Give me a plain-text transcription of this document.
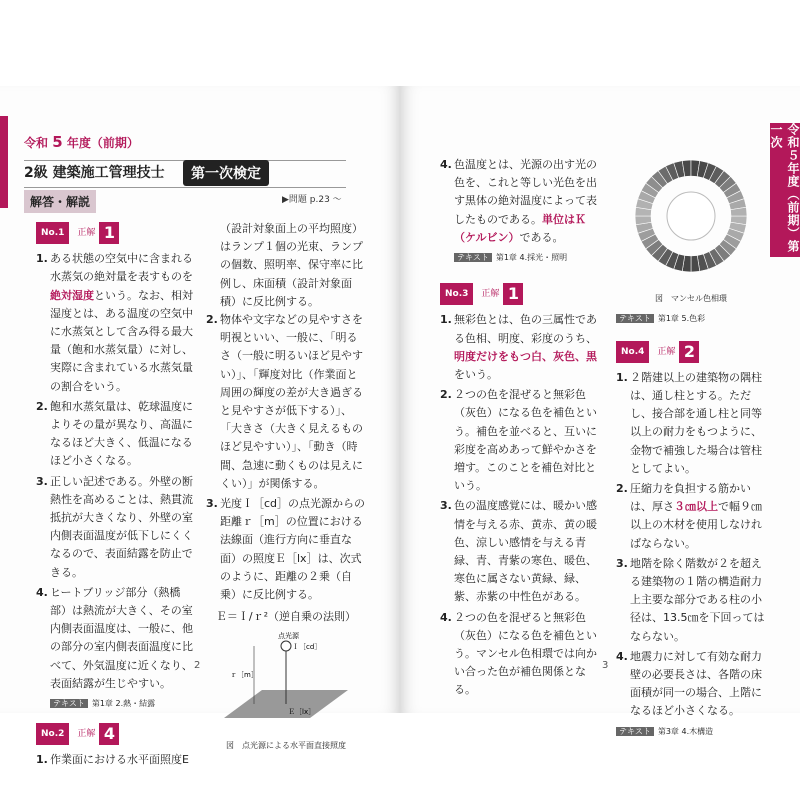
令和 5 年度（前期）
2級 建築施工管理技士	第一次検定
解答・解説	▶問題 p.23 ～
No.1	正解 1
1. ある状態の空気中に含まれる水蒸気の絶対量を表すものを絶対湿度という。なお、相対湿度とは、ある温度の空気中に水蒸気として含み得る最大量（飽和水蒸気量）に対し、実際に含まれている水蒸気量の割合をいう。
2. 飽和水蒸気量は、乾球温度によりその量が異なり、高温になるほど大きく、低温になるほど小さくなる。
3. 正しい記述である。外壁の断熱性を高めることは、熱貫流抵抗が大きくなり、外壁の室内側表面温度が低下しにくくなるので、表面結露を防止できる。
4. ヒートブリッジ部分（熱橋部）は熱流が大きく、その室内側表面温度は、一般に、他の部分の室内側表面温度に比べて、外気温度に近くなり、表面結露が生じやすい。
テキスト 第1章 2.熱・結露
No.2	正解 4
1. 作業面における水平面照度E

（設計対象面上の平均照度）はランプ１個の光束、ランプの個数、照明率、保守率に比例し、床面積（設計対象面積）に反比例する。

2. 物体や文字などの見やすさを明視といい、一般に、「明るさ（一般に明るいほど見やすい）」、「輝度対比（作業面と周囲の輝度の差が大き過ぎると見やすさが低下する）」、「大きさ（大きく見えるものほど見やすい）」、「動き（時間、急速に動くものは見えにくい）」が関係する。
3. 光度Ｉ［cd］の点光源からの距離ｒ［m］の位置における法線面（進行方向に垂直な面）の照度Ｅ［lx］は、次式のように、距離の２乗（自乗）に反比例する。
Ｅ＝Ｉ/ｒ²（逆自乗の法則）
点光源
Ｉ［cd］
ｒ［m］
Ｅ［lx］
図　点光源による水平面直接照度
2
令和５年度（前期）第一次
4. 色温度とは、光源の出す光の色を、これと等しい光色を出す黒体の絶対温度によって表したものである。単位はＫ（ケルビン）である。
テキスト 第1章 4.採光・照明
No.3	正解 1
1. 無彩色とは、色の三属性である色相、明度、彩度のうち、明度だけをもつ白、灰色、黒をいう。
2. ２つの色を混ぜると無彩色（灰色）になる色を補色という。補色を並べると、互いに彩度を高めあって鮮やかさを増す。このことを補色対比という。
3. 色の温度感覚には、暖かい感情を与える赤、黄赤、黄の暖色、涼しい感情を与える青緑、青、青紫の寒色、暖色、寒色に属さない黄緑、緑、紫、赤紫の中性色がある。
4. ２つの色を混ぜると無彩色（灰色）になる色を補色という。マンセル色相環では向かい合った色が補色関係となる。
図　マンセル色相環
テキスト 第1章 5.色彩
No.4	正解 2
1. ２階建以上の建築物の隅柱は、通し柱とする。ただし、接合部を通し柱と同等以上の耐力をもつように、金物で補強した場合は管柱としてよい。
2. 圧縮力を負担する筋かいは、厚さ３㎝以上で幅９㎝以上の木材を使用しなければならない。
3. 地階を除く階数が２を超える建築物の１階の構造耐力上主要な部分である柱の小径は、13.5㎝を下回ってはならない。
4. 地震力に対して有効な耐力壁の必要長さは、各階の床面積が同一の場合、上階になるほど小さくなる。
テキスト 第3章 4.木構造
3
